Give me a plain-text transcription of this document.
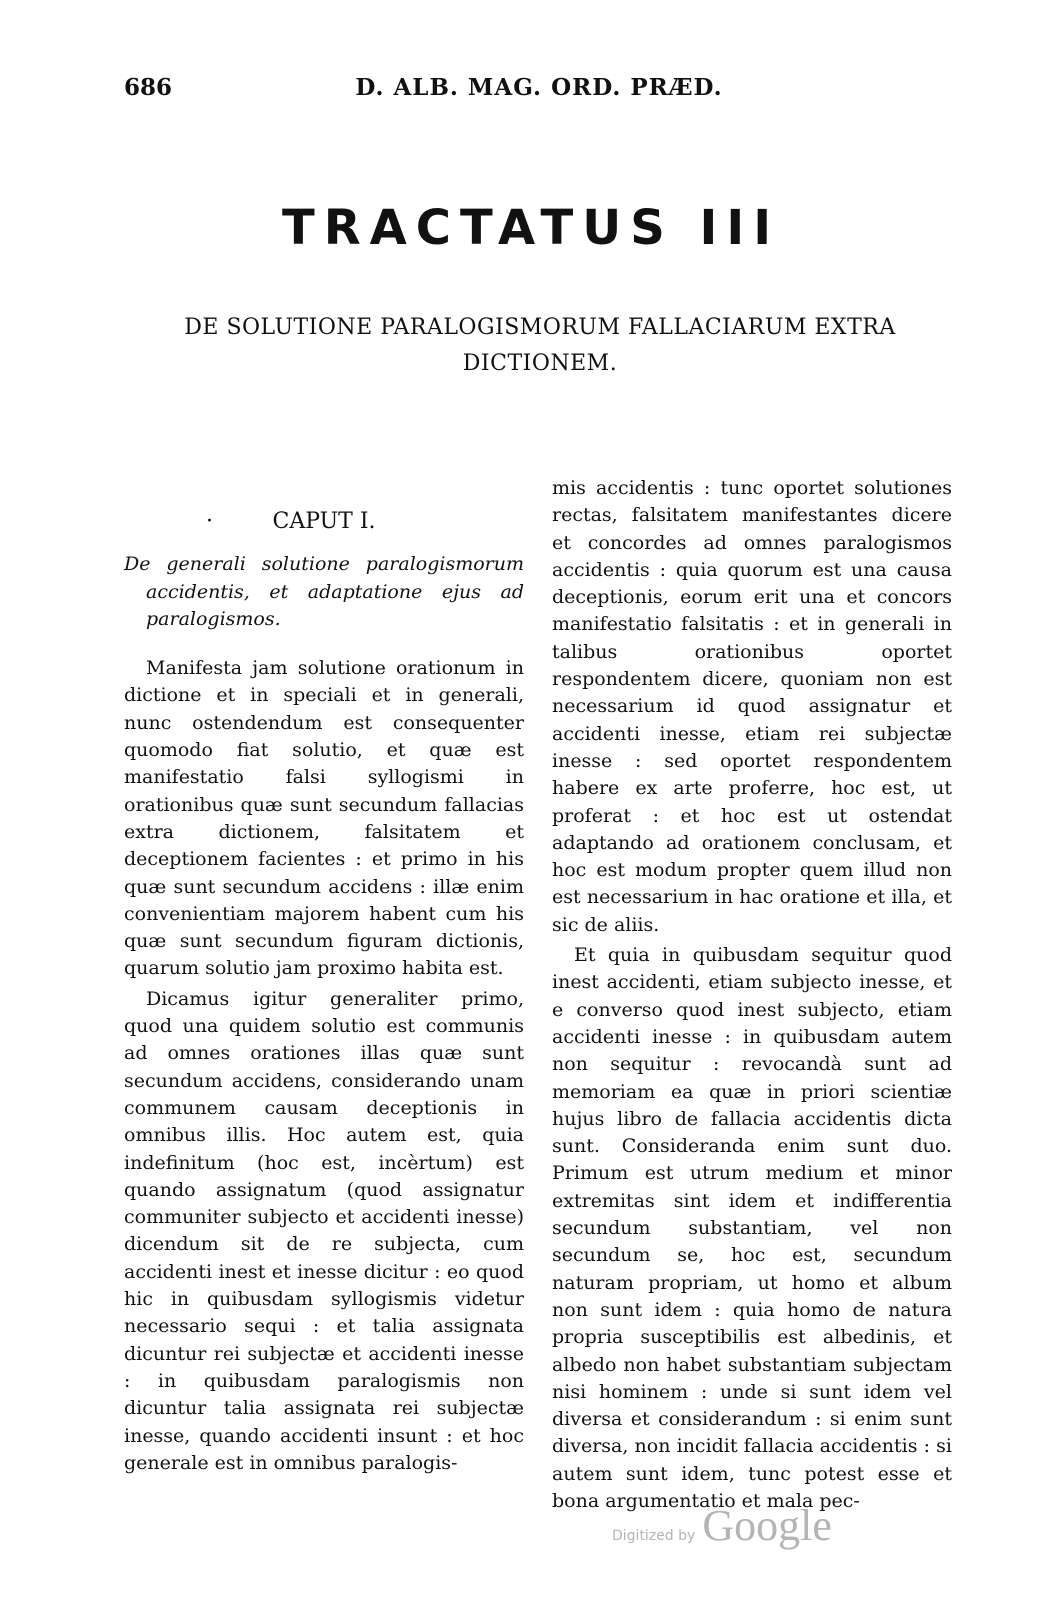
686	D. ALB. MAG. ORD. PRÆD.
TRACTATUS III
DE SOLUTIONE PARALOGISMORUM FALLACIARUM EXTRA DICTIONEM.
·	CAPUT I.

De generali solutione paralogismorum accidentis, et adaptatione ejus ad paralogismos.

Manifesta jam solutione orationum in dictione et in speciali et in generali, nunc ostendendum est consequenter quomodo fiat solutio, et quæ est manifestatio falsi syllogismi in orationibus quæ sunt secundum fallacias extra dictionem, falsitatem et deceptionem facientes : et primo in his quæ sunt secundum accidens : illæ enim convenientiam majorem habent cum his quæ sunt secundum figuram dictionis, quarum solutio jam proximo habita est.

Dicamus igitur generaliter primo, quod una quidem solutio est communis ad omnes orationes illas quæ sunt secundum accidens, considerando unam communem causam deceptionis in omnibus illis. Hoc autem est, quia indefinitum (hoc est, incèrtum) est quando assignatum (quod assignatur communiter subjecto et accidenti inesse) dicendum sit de re subjecta, cum accidenti inest et inesse dicitur : eo quod hic in quibusdam syllogismis videtur necessario sequi : et talia assignata dicuntur rei subjectæ et accidenti inesse : in quibusdam paralogismis non dicuntur talia assignata rei subjectæ inesse, quando accidenti insunt : et hoc generale est in omnibus paralogis-

mis accidentis : tunc oportet solutiones rectas, falsitatem manifestantes dicere et concordes ad omnes paralogismos accidentis : quia quorum est una causa deceptionis, eorum erit una et concors manifestatio falsitatis : et in generali in talibus orationibus oportet respondentem dicere, quoniam non est necessarium id quod assignatur et accidenti inesse, etiam rei subjectæ inesse : sed oportet respondentem habere ex arte proferre, hoc est, ut proferat : et hoc est ut ostendat adaptando ad orationem conclusam, et hoc est modum propter quem illud non est necessarium in hac oratione et illa, et sic de aliis.

Et quia in quibusdam sequitur quod inest accidenti, etiam subjecto inesse, et e converso quod inest subjecto, etiam accidenti inesse : in quibusdam autem non sequitur : revocandà sunt ad memoriam ea quæ in priori scientiæ hujus libro de fallacia accidentis dicta sunt. Consideranda enim sunt duo. Primum est utrum medium et minor extremitas sint idem et indifferentia secundum substantiam, vel non secundum se, hoc est, secundum naturam propriam, ut homo et album non sunt idem : quia homo de natura propria susceptibilis est albedinis, et albedo non habet substantiam subjectam nisi hominem : unde si sunt idem vel diversa et considerandum : si enim sunt diversa, non incidit fallacia accidentis : si autem sunt idem, tunc potest esse et bona argumentatio et mala pec-

Digitized by Google
